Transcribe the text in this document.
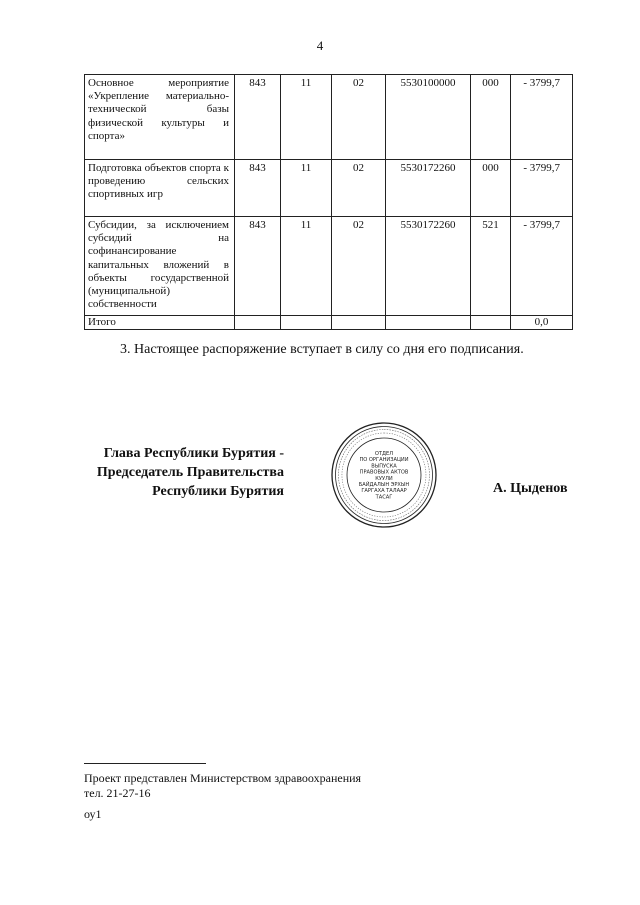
4
Основное мероприятие «Укрепление материально-технической базы физической культуры и спорта»	843	11	02	5530100000	000	- 3799,7
Подготовка объектов спорта к проведению сельских спортивных игр	843	11	02	5530172260	000	- 3799,7
Субсидии, за исключением субсидий на софинансирование капитальных вложений в объекты государственной (муниципальной) собственности	843	11	02	5530172260	521	- 3799,7
Итого						0,0
3. Настоящее распоряжение вступает в силу со дня его подписания.
Глава Республики Бурятия -
Председатель Правительства
Республики Бурятия
ОТДЕЛ
ПО ОРГАНИЗАЦИИ
ВЫПУСКА
ПРАВОВЫХ АКТОВ
КУУЛИ
БАЙДАЛЫН ЭРХЫН
ГАРГАХА ТАЛААР
ТАСАГ
А. Цыденов
Проект представлен Министерством здравоохранения
тел. 21-27-16
оу1
